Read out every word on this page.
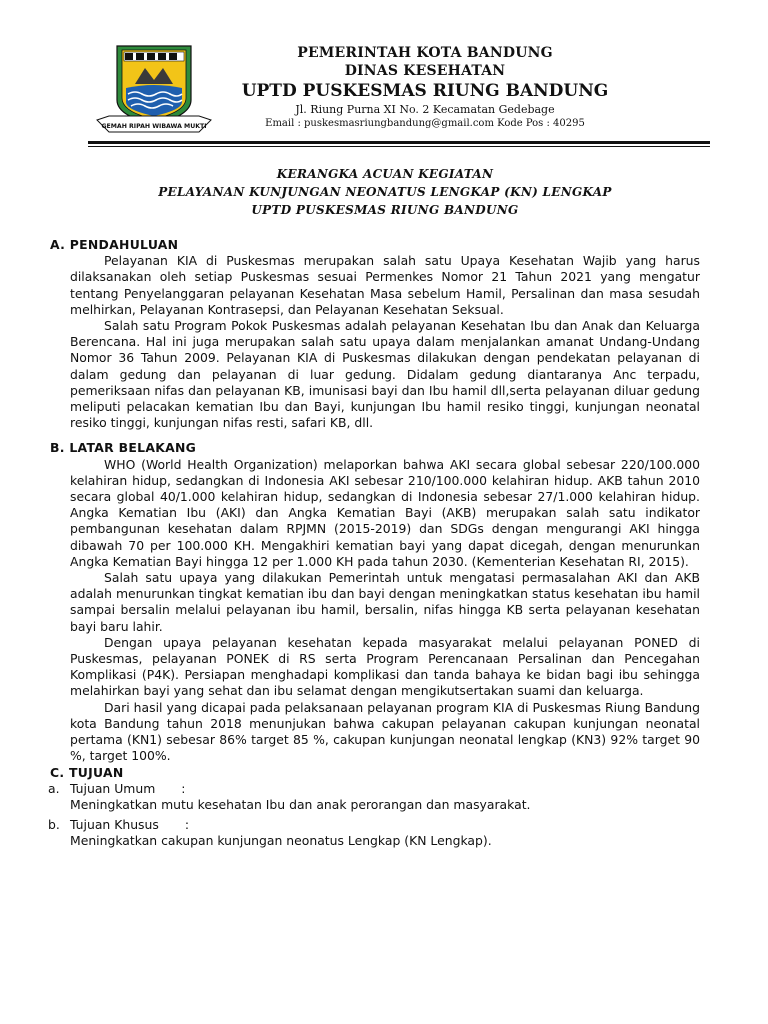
GEMAH RIPAH WIBAWA MUKTI
PEMERINTAH KOTA BANDUNG
DINAS KESEHATAN
UPTD PUSKESMAS RIUNG BANDUNG
Jl. Riung Purna XI No. 2 Kecamatan Gedebage
Email : puskesmasriungbandung@gmail.com Kode Pos : 40295
KERANGKA ACUAN KEGIATAN
PELAYANAN KUNJUNGAN NEONATUS LENGKAP (KN) LENGKAP
UPTD PUSKESMAS RIUNG BANDUNG
A. PENDAHULUAN

Pelayanan KIA di Puskesmas merupakan salah satu Upaya Kesehatan Wajib yang harus dilaksanakan oleh setiap Puskesmas sesuai Permenkes Nomor 21 Tahun 2021 yang mengatur tentang Penyelanggaran pelayanan Kesehatan Masa sebelum Hamil, Persalinan dan masa sesudah melhirkan, Pelayanan Kontrasepsi, dan Pelayanan Kesehatan Seksual.

Salah satu Program Pokok Puskesmas adalah pelayanan Kesehatan Ibu dan Anak dan Keluarga Berencana. Hal ini juga merupakan salah satu upaya dalam menjalankan amanat Undang-Undang Nomor 36 Tahun 2009. Pelayanan KIA di Puskesmas dilakukan dengan pendekatan pelayanan di dalam gedung dan pelayanan di luar gedung. Didalam gedung diantaranya Anc terpadu, pemeriksaan nifas dan pelayanan KB, imunisasi bayi dan Ibu hamil dll,serta pelayanan diluar gedung meliputi pelacakan kematian Ibu dan Bayi, kunjungan Ibu hamil resiko tinggi, kunjungan neonatal resiko tinggi, kunjungan nifas resti, safari KB, dll.

B. LATAR BELAKANG

WHO (World Health Organization) melaporkan bahwa AKI secara global sebesar 220/100.000 kelahiran hidup, sedangkan di Indonesia AKI sebesar 210/100.000 kelahiran hidup. AKB tahun 2010 secara global 40/1.000 kelahiran hidup, sedangkan di Indonesia sebesar 27/1.000 kelahiran hidup. Angka Kematian Ibu (AKI) dan Angka Kematian Bayi (AKB) merupakan salah satu indikator pembangunan kesehatan dalam RPJMN (2015-2019) dan SDGs dengan mengurangi AKI hingga dibawah 70 per 100.000 KH. Mengakhiri kematian bayi yang dapat dicegah, dengan menurunkan Angka Kematian Bayi hingga 12 per 1.000 KH pada tahun 2030. (Kementerian Kesehatan RI, 2015).

Salah satu upaya yang dilakukan Pemerintah untuk mengatasi permasalahan AKI dan AKB adalah menurunkan tingkat kematian ibu dan bayi dengan meningkatkan status kesehatan ibu hamil sampai bersalin melalui pelayanan ibu hamil, bersalin, nifas hingga KB serta pelayanan kesehatan bayi baru lahir.

Dengan upaya pelayanan kesehatan kepada masyarakat melalui pelayanan PONED di Puskesmas, pelayanan PONEK di RS serta Program Perencanaan Persalinan dan Pencegahan Komplikasi (P4K). Persiapan menghadapi komplikasi dan tanda bahaya ke bidan bagi ibu sehingga melahirkan bayi yang sehat dan ibu selamat dengan mengikutsertakan suami dan keluarga.

Dari hasil yang dicapai pada pelaksanaan pelayanan program KIA di Puskesmas Riung Bandung kota Bandung tahun 2018 menunjukan bahwa cakupan pelayanan cakupan kunjungan neonatal pertama (KN1) sebesar 86% target 85 %, cakupan kunjungan neonatal lengkap (KN3) 92% target 90 %, target 100%.

C. TUJUAN
a. Tujuan Umum :

Meningkatkan mutu kesehatan Ibu dan anak perorangan dan masyarakat.

b. Tujuan Khusus :

Meningkatkan cakupan kunjungan neonatus Lengkap (KN Lengkap).
